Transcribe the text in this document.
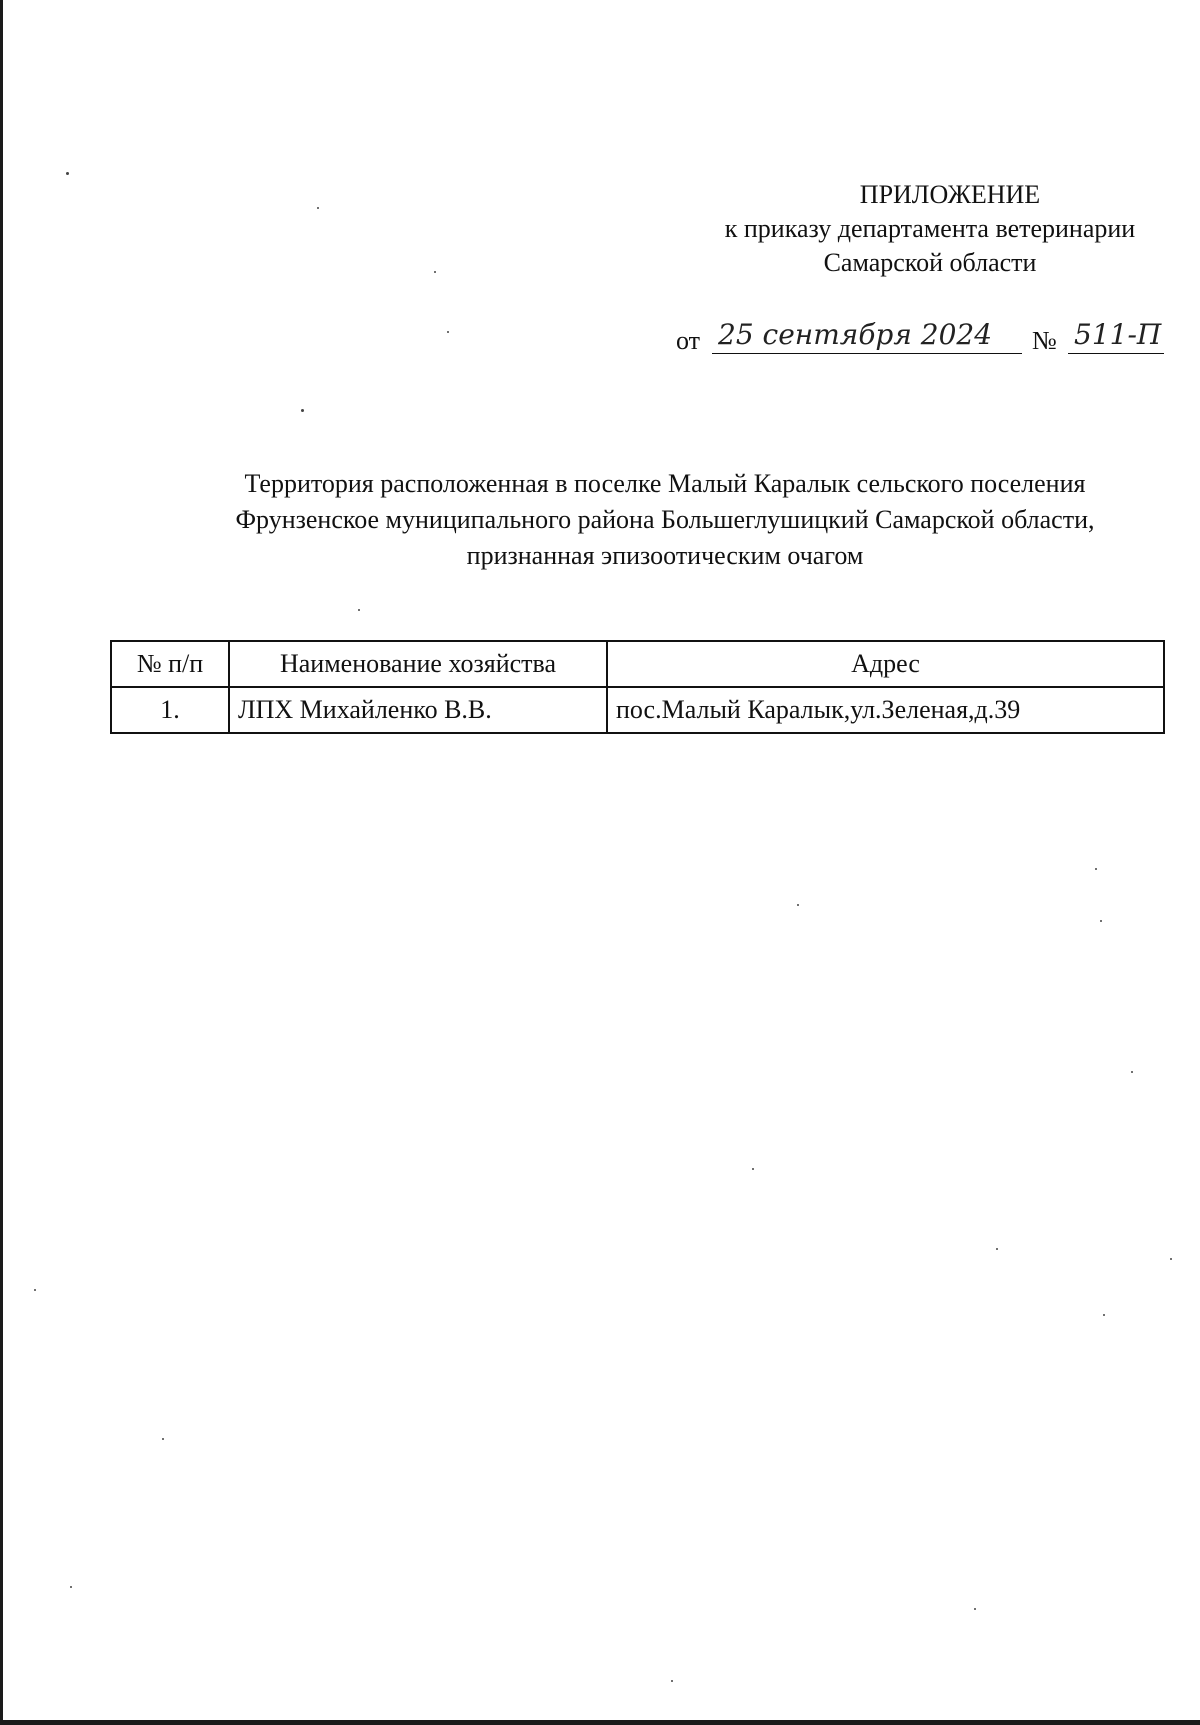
ПРИЛОЖЕНИЕ
к приказу департамента ветеринарии
Самарской области
от 25 сентября 2024	№ 511-П
Территория расположенная в поселке Малый Каралык сельского поселения
Фрунзенское муниципального района Большеглушицкий Самарской области,
признанная эпизоотическим очагом
№ п/п	Наименование хозяйства	Адрес
1.	ЛПХ Михайленко В.В.	пос.Малый Каралык,ул.Зеленая,д.39
